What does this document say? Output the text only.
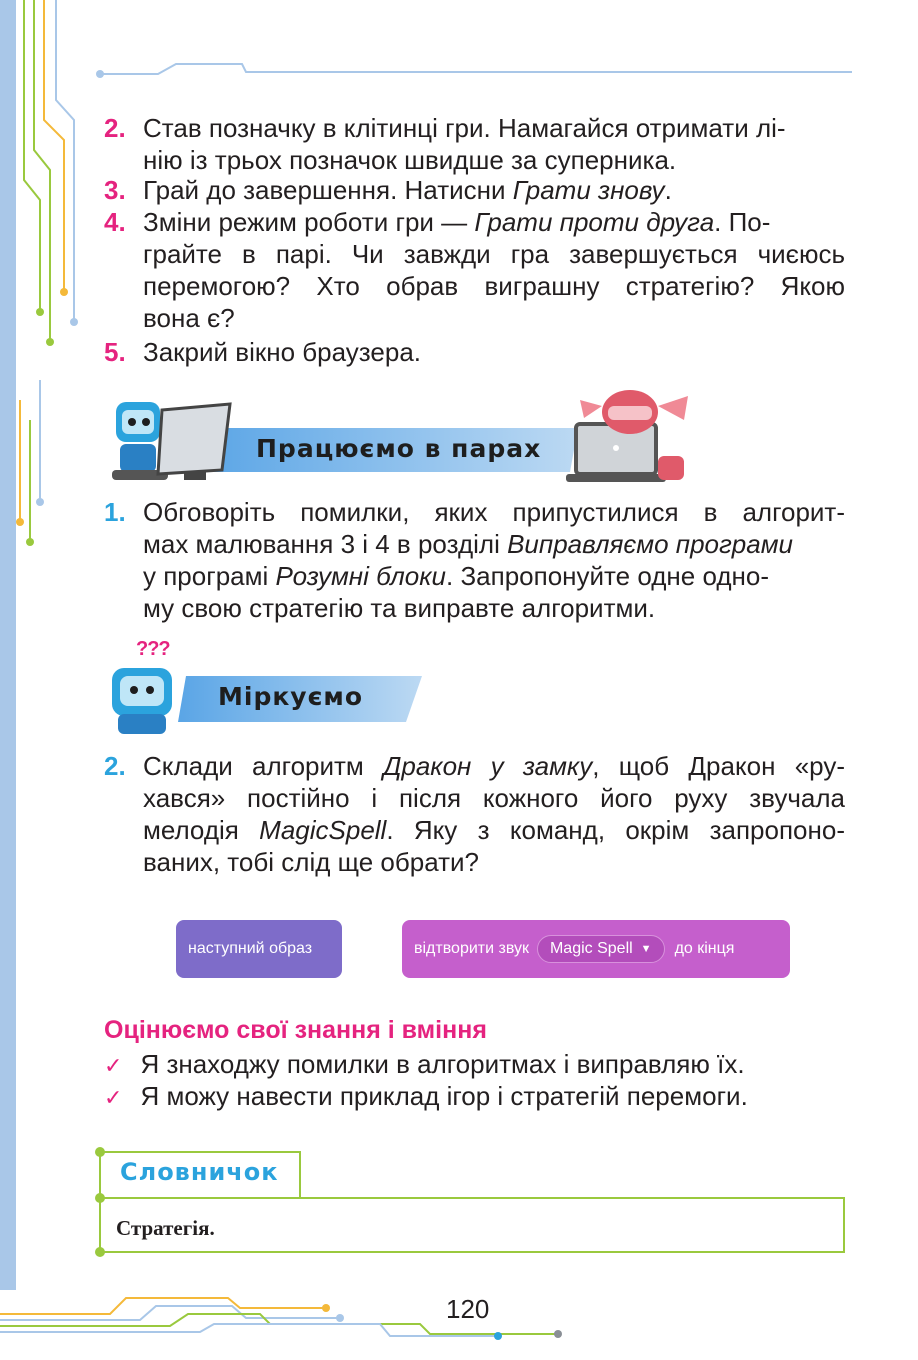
2. Став позначку в клітинці гри. Намагайся отримати лі-
нію із трьох позначок швидше за суперника.
3. Грай до завершення. Натисни Грати знову.
4. Зміни режим роботи гри — Грати проти друга. По-
грайте в парі. Чи завжди гра завершується чиєюсь
перемогою? Хто обрав виграшну стратегію? Якою
вона є?
5. Закрий вікно браузера.
Працюємо в парах
1. Обговоріть помилки, яких припустилися в алгорит-
мах малювання 3 і 4 в розділі Виправляємо програми
у програмі Розумні блоки. Запропонуйте одне одно-
му свою стратегію та виправте алгоритми.
???
Міркуємо
2. Склади алгоритм Дракон у замку, щоб Дракон «ру-
хався» постійно і після кожного його руху звучала
мелодія MagicSpell. Яку з команд, окрім запропоно-
ваних, тобі слід ще обрати?
наступний образ	відтворити звук Magic Spell ▼ до кінця
Оцінюємо свої знання і вміння
✓ Я знаходжу помилки в алгоритмах і виправляю їх.
✓ Я можу навести приклад ігор і стратегій перемоги.
Словничок
Стратегія.
120
